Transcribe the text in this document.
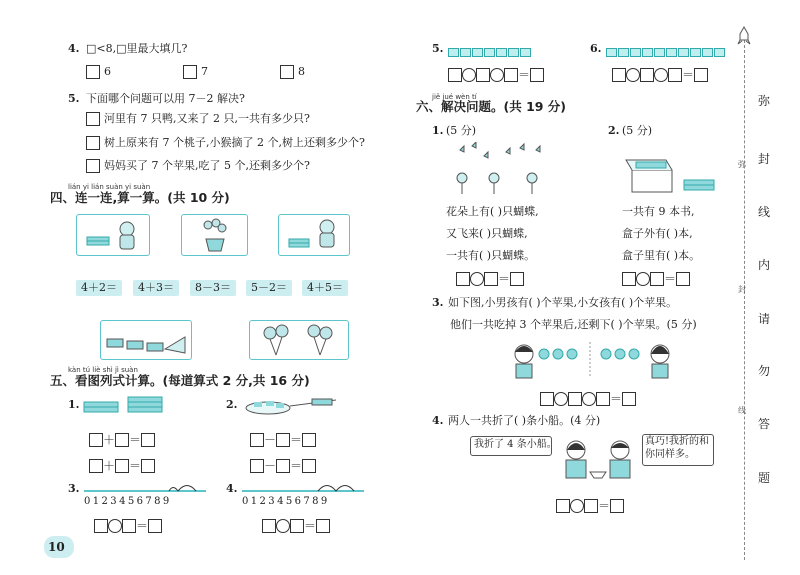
4. □<8,□里最大填几?
6	7	8
5. 下面哪个问题可以用 7－2 解决?
河里有 7 只鸭,又来了 2 只,一共有多少只?
树上原来有 7 个桃子,小猴摘了 2 个,树上还剩多少个?
妈妈买了 7 个苹果,吃了 5 个,还剩多少个?
lián yi lián suàn yi suàn
四、连一连,算一算。(共 10 分)
4＋2＝	4＋3＝	8－3＝	5－2＝	4＋5＝
kàn tú liè shì jì suàn
五、看图列式计算。(每道算式 2 分,共 16 分)
1.
＋ ＝
＋ ＝
2.
－ ＝
－ ＝
3.
0123456789
＝
4.
0123456789
＝
10
5.
＝
6.
＝
jiě jué wèn tí
六、解决问题。(共 19 分)
1. (5 分)
花朵上有( )只蝴蝶,
又飞来( )只蝴蝶,
一共有( )只蝴蝶。
＝
2. (5 分)
一共有 9 本书,
盒子外有( )本,
盒子里有( )本。
＝
3. 如下图,小男孩有( )个苹果,小女孩有( )个苹果。
他们一共吃掉 3 个苹果后,还剩下( )个苹果。(5 分)
＝
4. 两人一共折了( )条小船。(4 分)
我折了 4 条小船。	真巧!我折的和你同样多。
＝
弥
封
线
内
请
勿
答
题
弥
封
线
